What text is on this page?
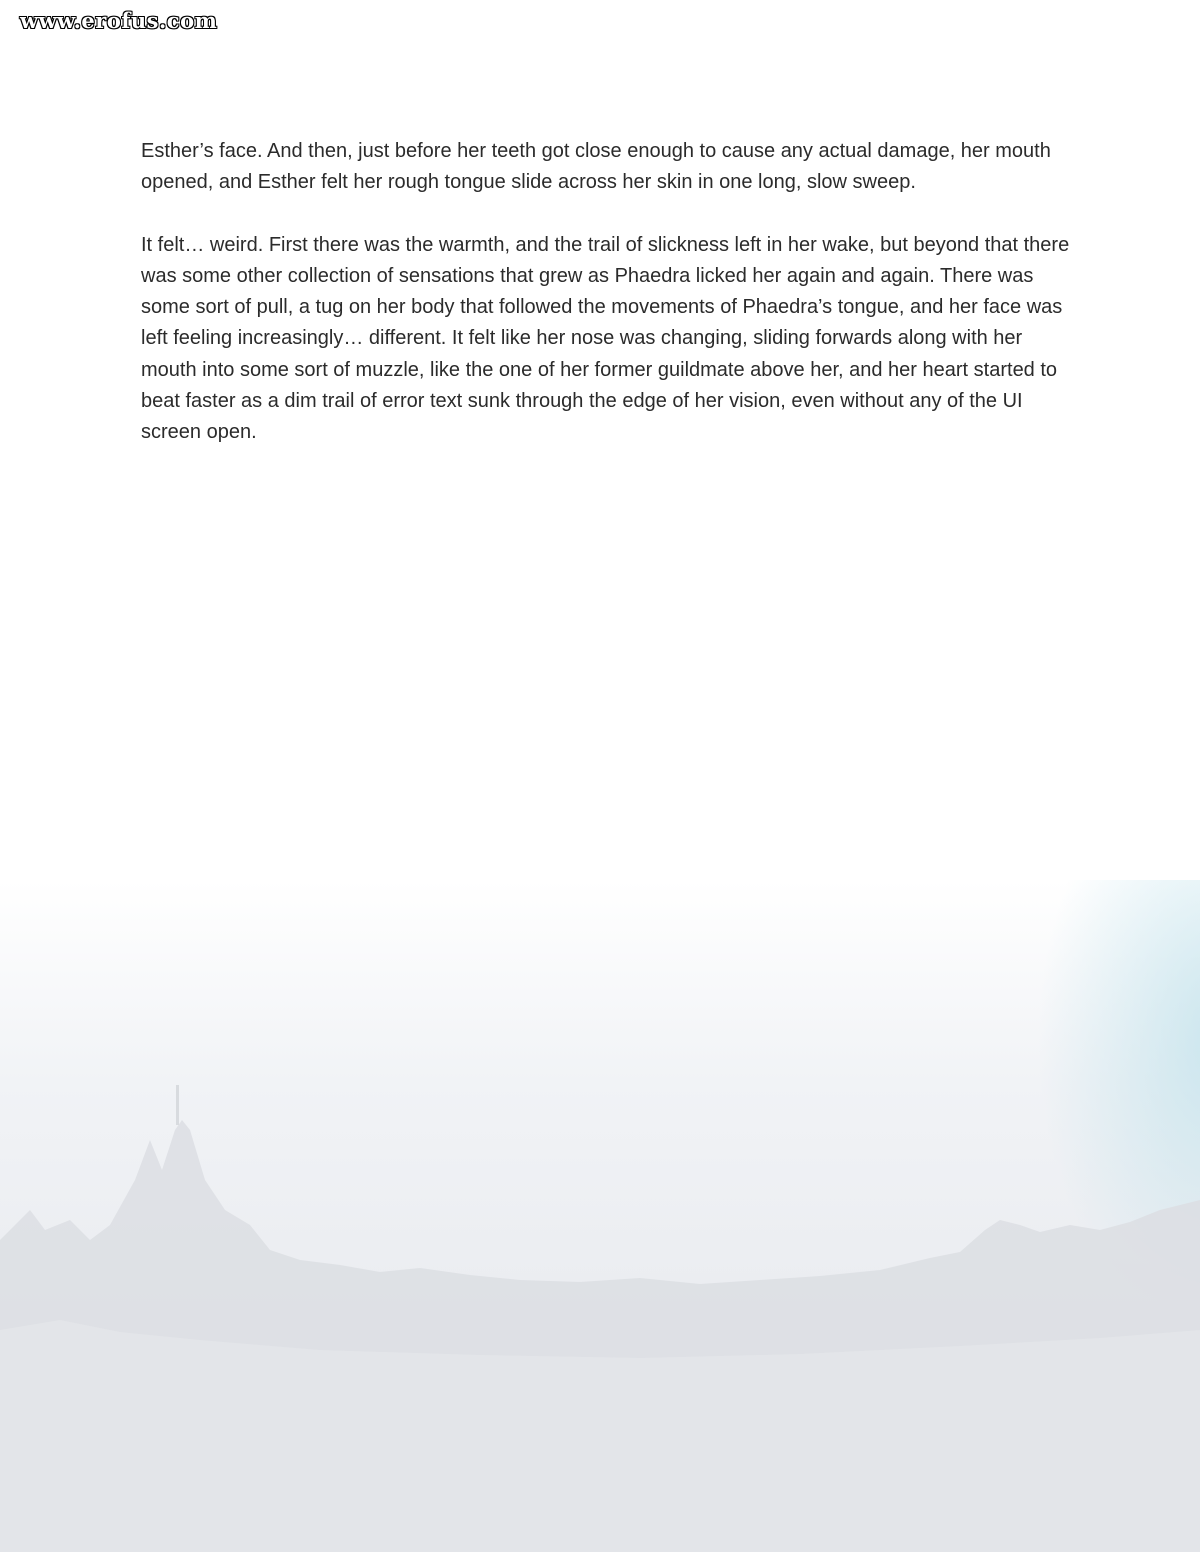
www.erofus.com

Esther’s face. And then, just before her teeth got close enough to cause any actual damage, her mouth opened, and Esther felt her rough tongue slide across her skin in one long, slow sweep.

It felt… weird. First there was the warmth, and the trail of slickness left in her wake, but beyond that there was some other collection of sensations that grew as Phaedra licked her again and again. There was some sort of pull, a tug on her body that followed the movements of Phaedra’s tongue, and her face was left feeling increasingly… different. It felt like her nose was changing, sliding forwards along with her mouth into some sort of muzzle, like the one of her former guildmate above her, and her heart started to beat faster as a dim trail of error text sunk through the edge of her vision, even without any of the UI screen open.
